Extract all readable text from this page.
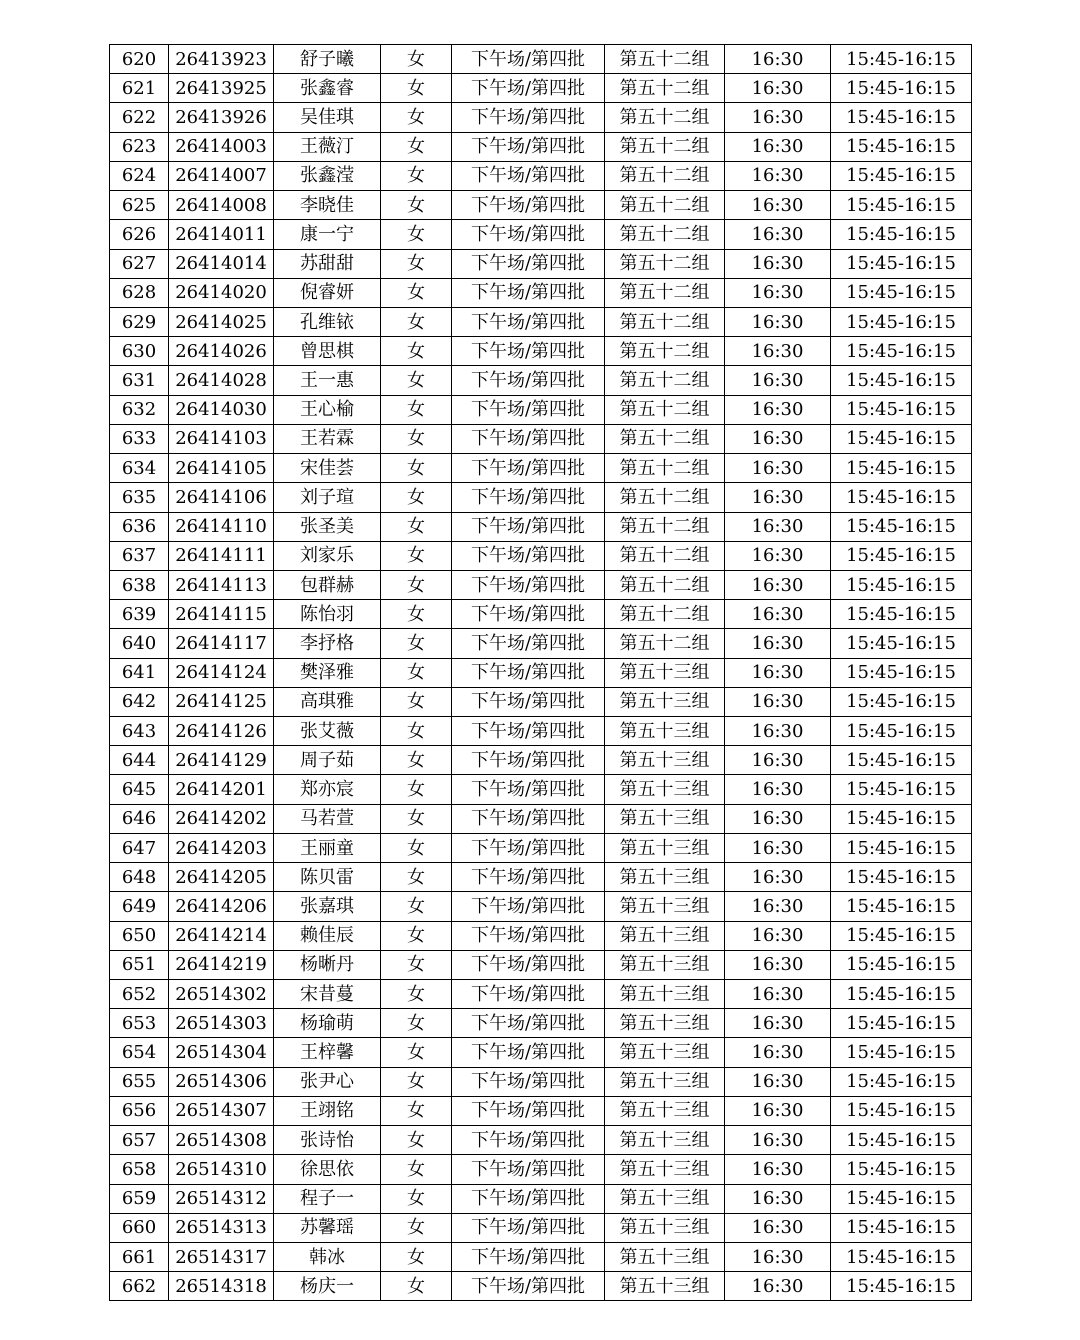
620	26413923	舒子曦	女	下午场/第四批	第五十二组	16:30	15:45-16:15
621	26413925	张鑫睿	女	下午场/第四批	第五十二组	16:30	15:45-16:15
622	26413926	吴佳琪	女	下午场/第四批	第五十二组	16:30	15:45-16:15
623	26414003	王薇汀	女	下午场/第四批	第五十二组	16:30	15:45-16:15
624	26414007	张鑫滢	女	下午场/第四批	第五十二组	16:30	15:45-16:15
625	26414008	李晓佳	女	下午场/第四批	第五十二组	16:30	15:45-16:15
626	26414011	康一宁	女	下午场/第四批	第五十二组	16:30	15:45-16:15
627	26414014	苏甜甜	女	下午场/第四批	第五十二组	16:30	15:45-16:15
628	26414020	倪睿妍	女	下午场/第四批	第五十二组	16:30	15:45-16:15
629	26414025	孔维铱	女	下午场/第四批	第五十二组	16:30	15:45-16:15
630	26414026	曾思棋	女	下午场/第四批	第五十二组	16:30	15:45-16:15
631	26414028	王一惠	女	下午场/第四批	第五十二组	16:30	15:45-16:15
632	26414030	王心榆	女	下午场/第四批	第五十二组	16:30	15:45-16:15
633	26414103	王若霖	女	下午场/第四批	第五十二组	16:30	15:45-16:15
634	26414105	宋佳荟	女	下午场/第四批	第五十二组	16:30	15:45-16:15
635	26414106	刘子瑄	女	下午场/第四批	第五十二组	16:30	15:45-16:15
636	26414110	张圣美	女	下午场/第四批	第五十二组	16:30	15:45-16:15
637	26414111	刘家乐	女	下午场/第四批	第五十二组	16:30	15:45-16:15
638	26414113	包群赫	女	下午场/第四批	第五十二组	16:30	15:45-16:15
639	26414115	陈怡羽	女	下午场/第四批	第五十二组	16:30	15:45-16:15
640	26414117	李抒格	女	下午场/第四批	第五十二组	16:30	15:45-16:15
641	26414124	樊泽雅	女	下午场/第四批	第五十三组	16:30	15:45-16:15
642	26414125	高琪雅	女	下午场/第四批	第五十三组	16:30	15:45-16:15
643	26414126	张艾薇	女	下午场/第四批	第五十三组	16:30	15:45-16:15
644	26414129	周子茹	女	下午场/第四批	第五十三组	16:30	15:45-16:15
645	26414201	郑亦宸	女	下午场/第四批	第五十三组	16:30	15:45-16:15
646	26414202	马若萱	女	下午场/第四批	第五十三组	16:30	15:45-16:15
647	26414203	王丽童	女	下午场/第四批	第五十三组	16:30	15:45-16:15
648	26414205	陈贝雷	女	下午场/第四批	第五十三组	16:30	15:45-16:15
649	26414206	张嘉琪	女	下午场/第四批	第五十三组	16:30	15:45-16:15
650	26414214	赖佳辰	女	下午场/第四批	第五十三组	16:30	15:45-16:15
651	26414219	杨晰丹	女	下午场/第四批	第五十三组	16:30	15:45-16:15
652	26514302	宋昔蔓	女	下午场/第四批	第五十三组	16:30	15:45-16:15
653	26514303	杨瑜萌	女	下午场/第四批	第五十三组	16:30	15:45-16:15
654	26514304	王梓馨	女	下午场/第四批	第五十三组	16:30	15:45-16:15
655	26514306	张尹心	女	下午场/第四批	第五十三组	16:30	15:45-16:15
656	26514307	王翊铭	女	下午场/第四批	第五十三组	16:30	15:45-16:15
657	26514308	张诗怡	女	下午场/第四批	第五十三组	16:30	15:45-16:15
658	26514310	徐思依	女	下午场/第四批	第五十三组	16:30	15:45-16:15
659	26514312	程子一	女	下午场/第四批	第五十三组	16:30	15:45-16:15
660	26514313	苏馨瑶	女	下午场/第四批	第五十三组	16:30	15:45-16:15
661	26514317	韩冰	女	下午场/第四批	第五十三组	16:30	15:45-16:15
662	26514318	杨庆一	女	下午场/第四批	第五十三组	16:30	15:45-16:15
